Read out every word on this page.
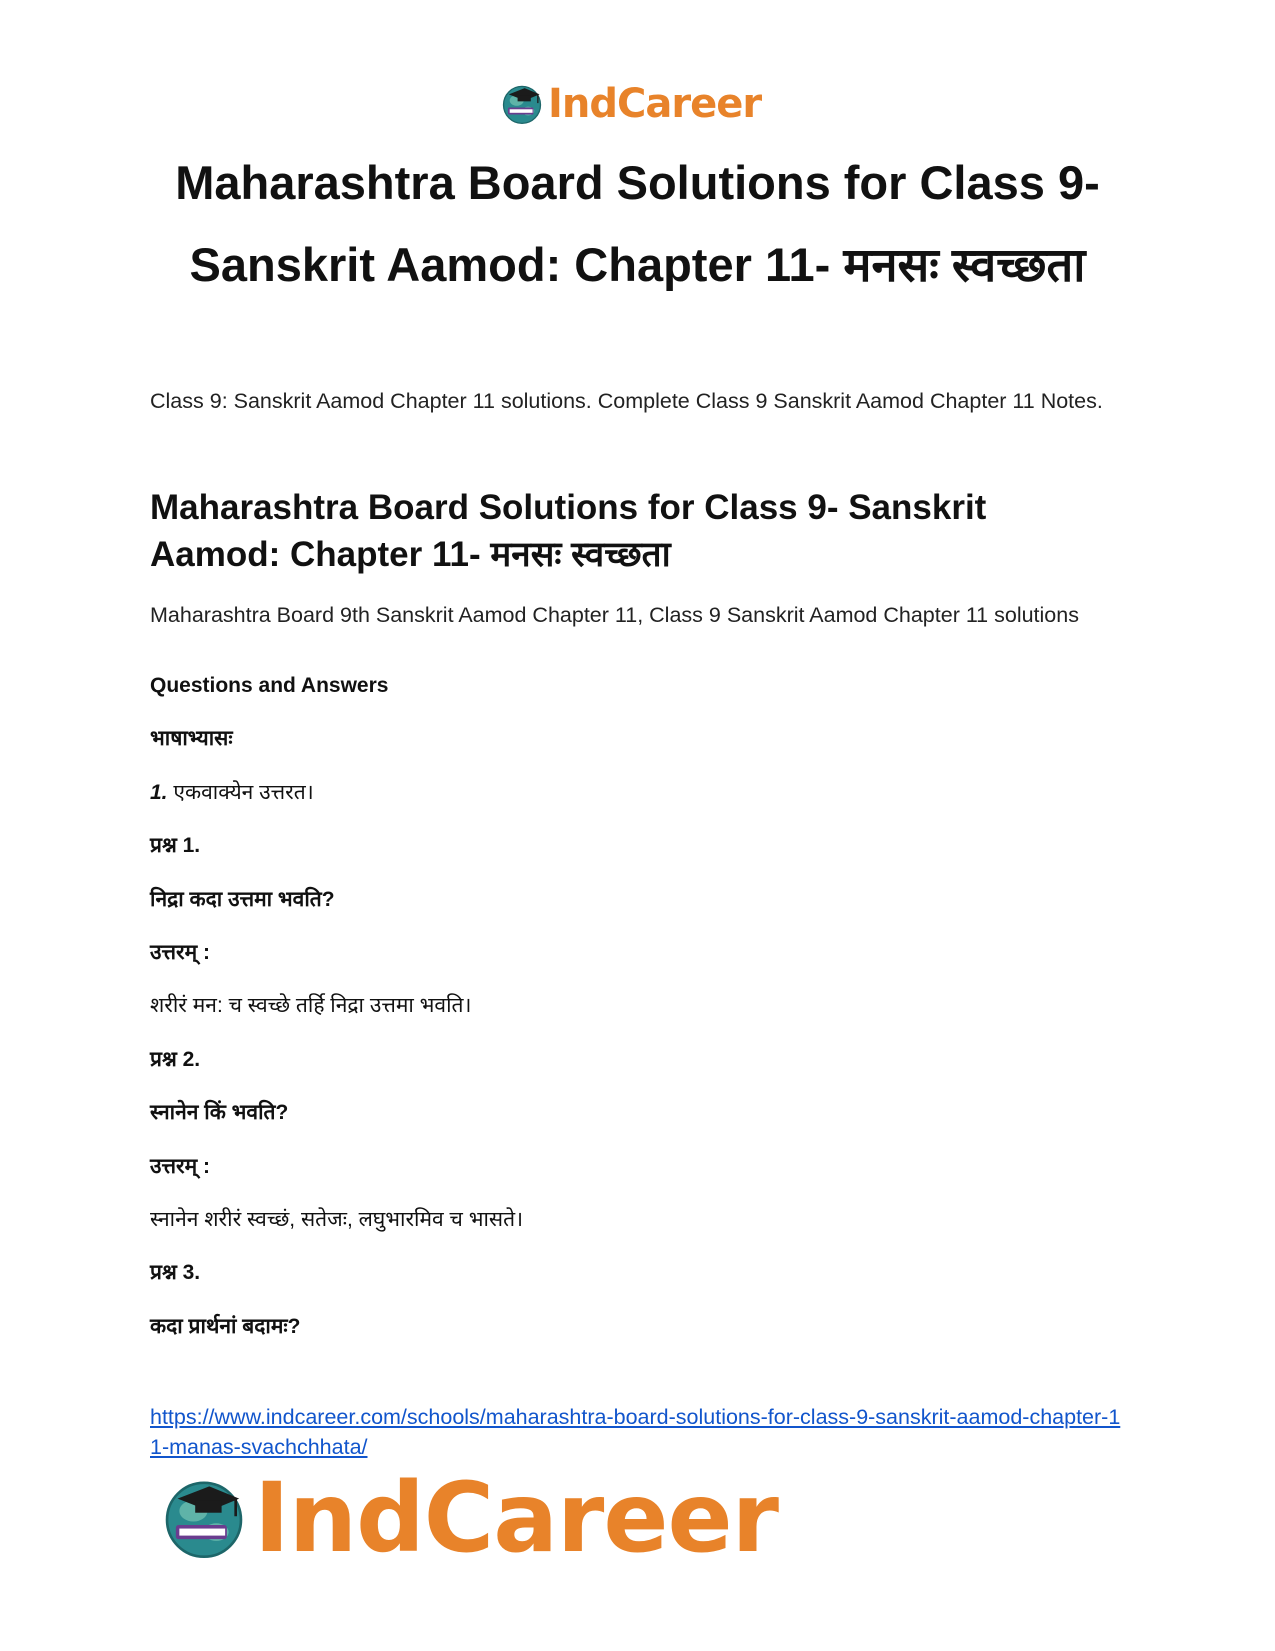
IndCareer
Maharashtra Board Solutions for Class 9- Sanskrit Aamod: Chapter 11- मनसः स्वच्छता

Class 9: Sanskrit Aamod Chapter 11 solutions. Complete Class 9 Sanskrit Aamod Chapter 11 Notes.

Maharashtra Board Solutions for Class 9- Sanskrit Aamod: Chapter 11- मनसः स्वच्छता

Maharashtra Board 9th Sanskrit Aamod Chapter 11, Class 9 Sanskrit Aamod Chapter 11 solutions

Questions and Answers

भाषाभ्यासः

1. एकवाक्येन उत्तरत।

प्रश्न 1.

निद्रा कदा उत्तमा भवति?

उत्तरम् :

शरीरं मन: च स्वच्छे तर्हि निद्रा उत्तमा भवति।

प्रश्न 2.

स्नानेन किं भवति?

उत्तरम् :

स्नानेन शरीरं स्वच्छं, सतेजः, लघुभारमिव च भासते।

प्रश्न 3.

कदा प्रार्थनां बदामः?

https://www.indcareer.com/schools/maharashtra-board-solutions-for-class-9-sanskrit-aamod-chapter-11-manas-svachchhata/
IndCareer
